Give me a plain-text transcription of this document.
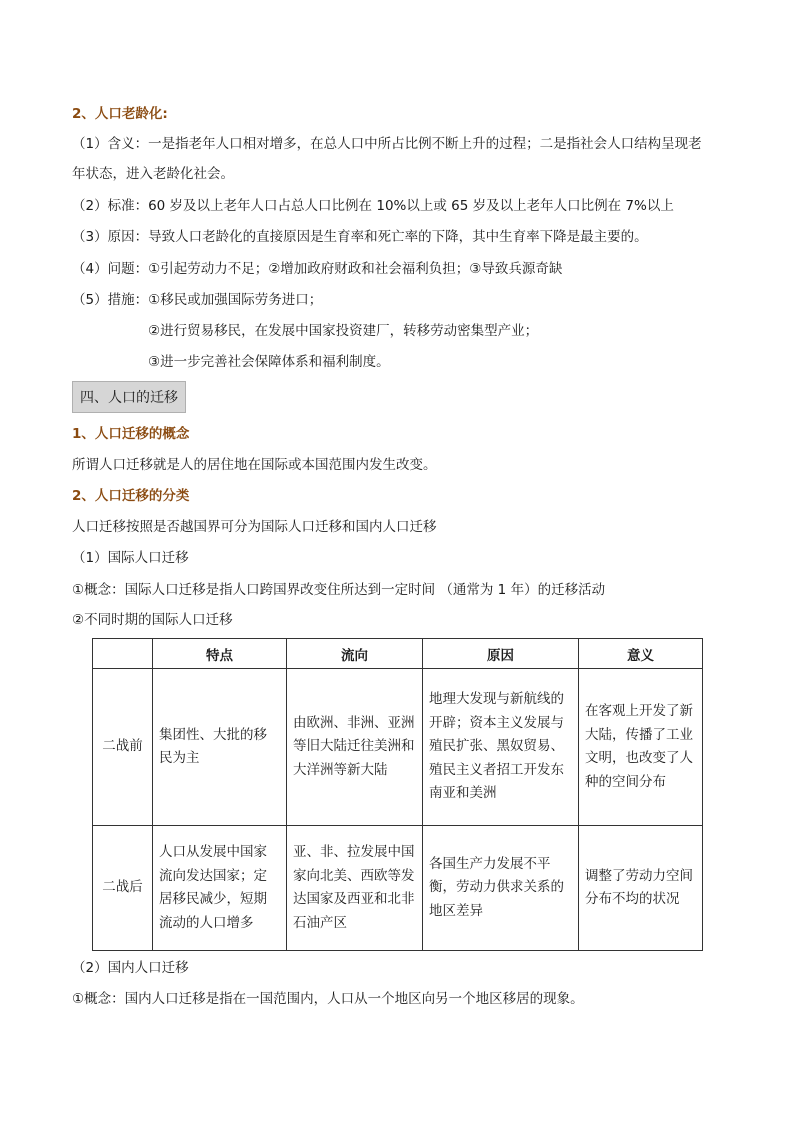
2、人口老龄化:
（1）含义：一是指老年人口相对增多，在总人口中所占比例不断上升的过程；二是指社会人口结构呈现老
年状态，进入老龄化社会。
（2）标准：60 岁及以上老年人口占总人口比例在 10%以上或 65 岁及以上老年人口比例在 7%以上
（3）原因：导致人口老龄化的直接原因是生育率和死亡率的下降，其中生育率下降是最主要的。
（4）问题：①引起劳动力不足；②增加政府财政和社会福利负担；③导致兵源奇缺
（5）措施：①移民或加强国际劳务进口；
②进行贸易移民，在发展中国家投资建厂，转移劳动密集型产业；
③进一步完善社会保障体系和福利制度。
四、人口的迁移
1、人口迁移的概念
所谓人口迁移就是人的居住地在国际或本国范围内发生改变。
2、人口迁移的分类
人口迁移按照是否越国界可分为国际人口迁移和国内人口迁移
（1）国际人口迁移
①概念：国际人口迁移是指人口跨国界改变住所达到一定时间 （通常为 1 年）的迁移活动
②不同时期的国际人口迁移
	特点	流向	原因	意义
二战前	集团性、大批的移民为主	由欧洲、非洲、亚洲等旧大陆迁往美洲和大洋洲等新大陆	地理大发现与新航线的开辟；资本主义发展与殖民扩张、黑奴贸易、殖民主义者招工开发东南亚和美洲	在客观上开发了新大陆，传播了工业文明，也改变了人种的空间分布
二战后	人口从发展中国家流向发达国家；定居移民减少，短期流动的人口增多	亚、非、拉发展中国家向北美、西欧等发达国家及西亚和北非石油产区	各国生产力发展不平衡，劳动力供求关系的地区差异	调整了劳动力空间分布不均的状况
（2）国内人口迁移
①概念：国内人口迁移是指在一国范围内，人口从一个地区向另一个地区移居的现象。
